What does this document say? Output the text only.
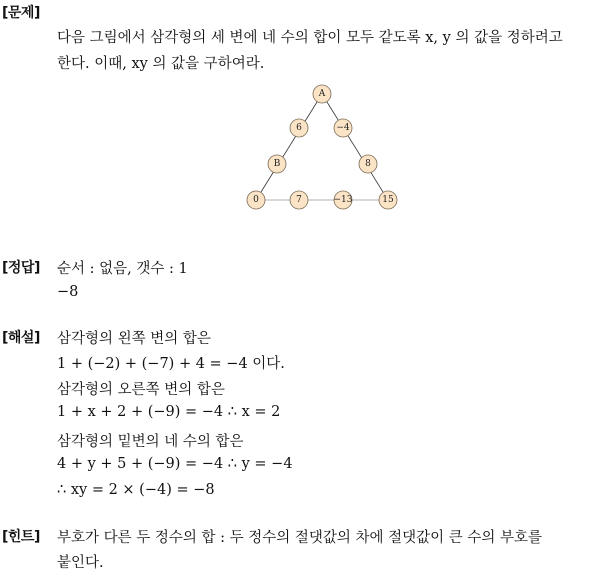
[문제]
다음 그림에서 삼각형의 세 변에 네 수의 합이 모두 같도록 x, y 의 값을 정하려고
한다. 이때, xy 의 값을 구하여라.
A
6	−4
B	8
0	7	−13	15
[정답] 순서 : 없음, 갯수 : 1
−8
[해설] 삼각형의 왼쪽 변의 합은
1 + (−2) + (−7) + 4 = −4 이다.
삼각형의 오른쪽 변의 합은
1 + x + 2 + (−9) = −4 ∴ x = 2
삼각형의 밑변의 네 수의 합은
4 + y + 5 + (−9) = −4 ∴ y = −4
∴ xy = 2 × (−4) = −8
[힌트] 부호가 다른 두 정수의 합 : 두 정수의 절댓값의 차에 절댓값이 큰 수의 부호를
붙인다.
